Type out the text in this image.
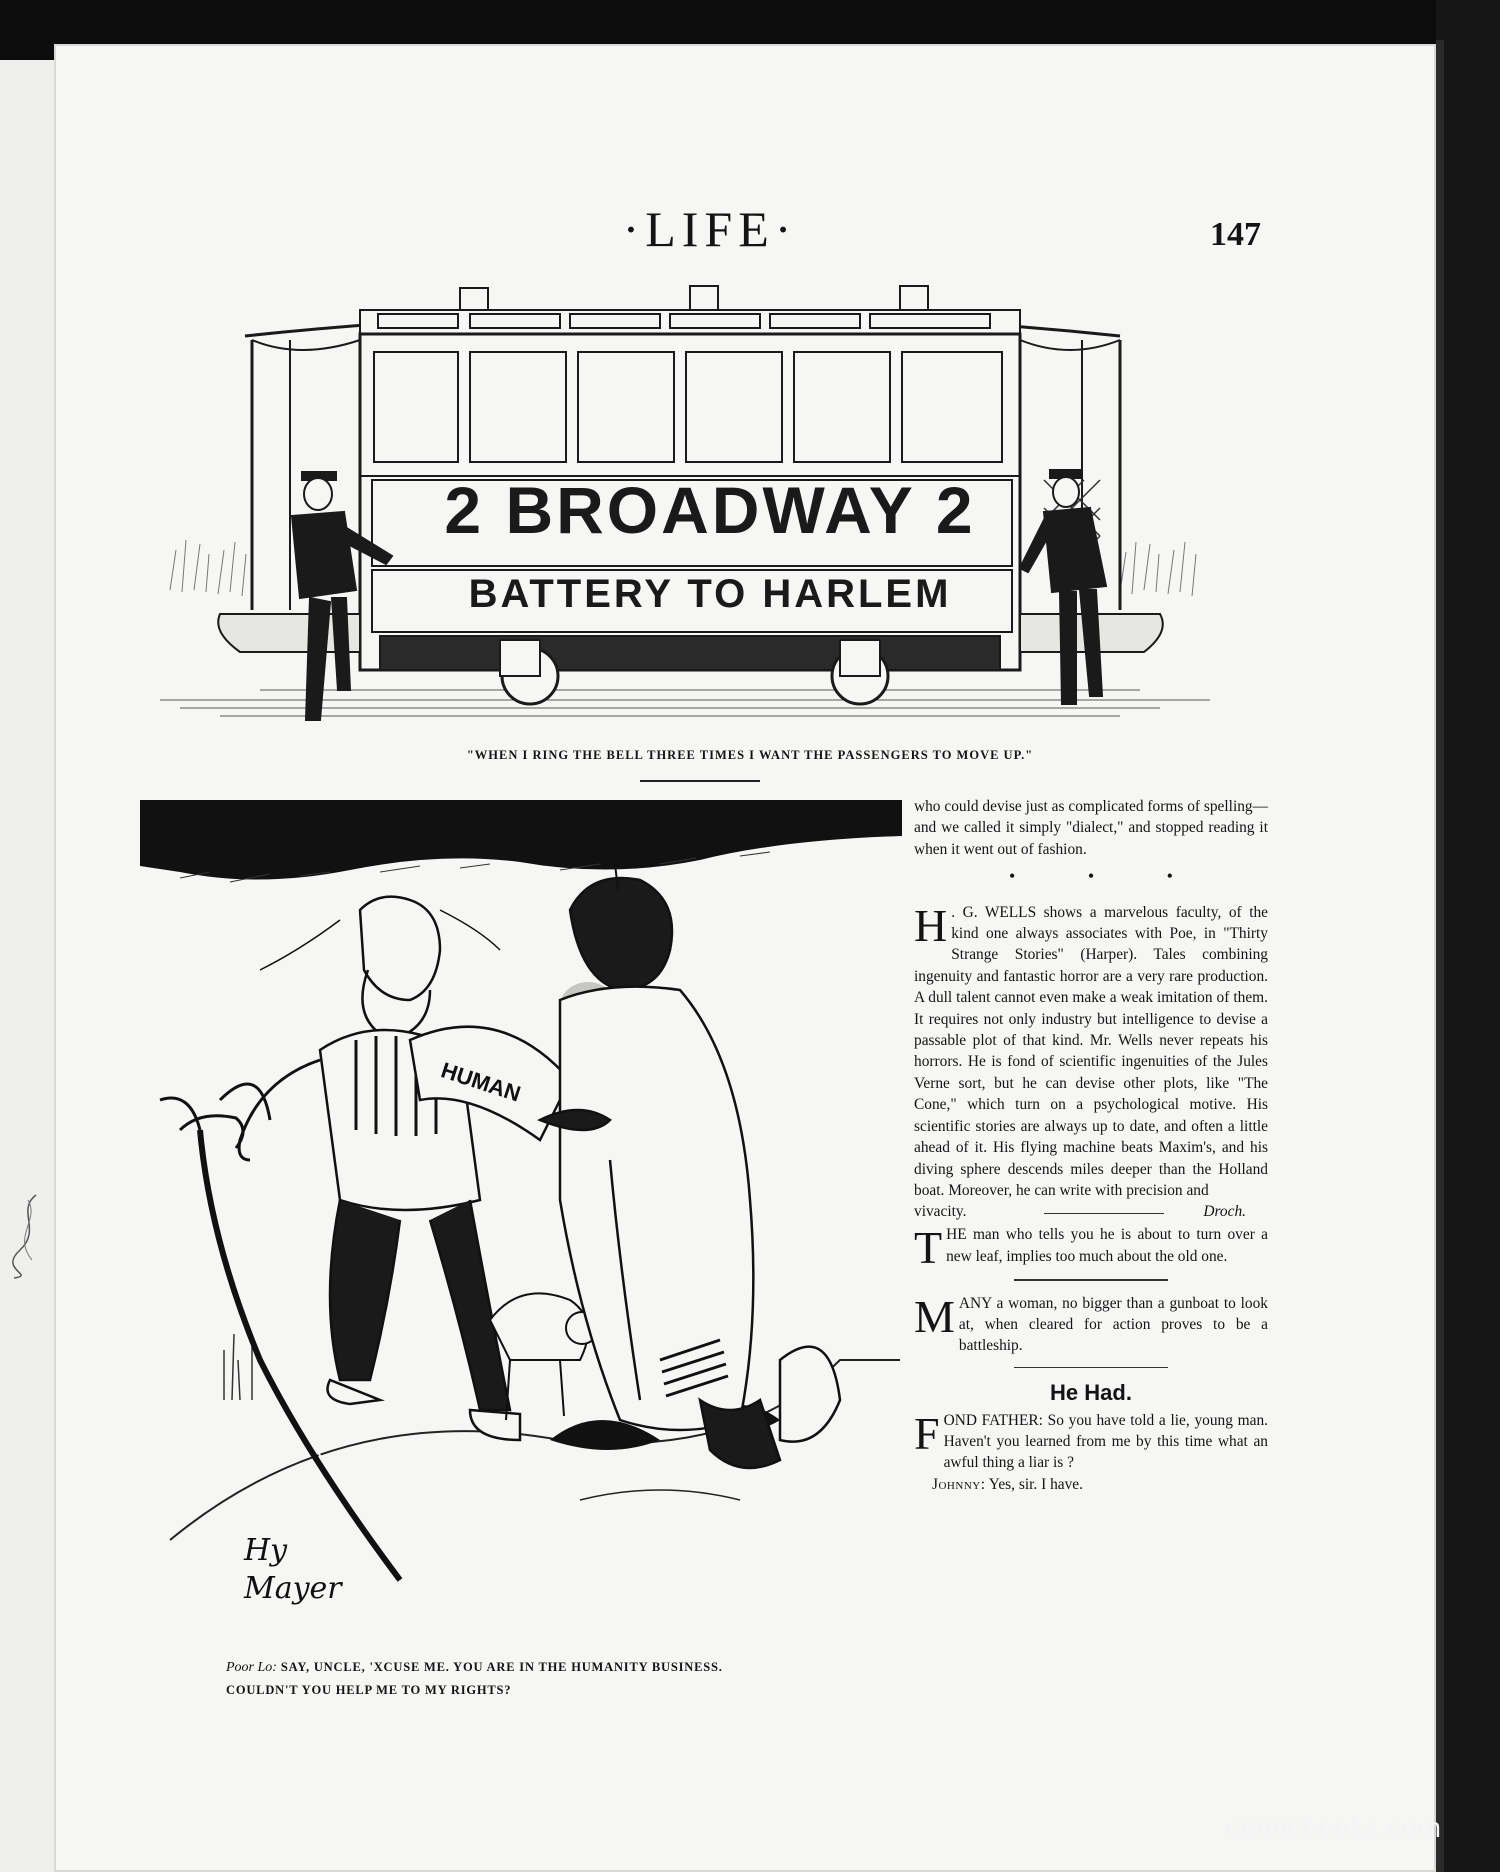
·LIFE·	147
2 BROADWAY 2
BATTERY TO HARLEM
"WHEN I RING THE BELL THREE TIMES I WANT THE PASSENGERS TO MOVE UP."
HUMAN
Hy
Mayer
Poor Lo: SAY, UNCLE, 'XCUSE ME. YOU ARE IN THE HUMANITY BUSINESS.
COULDN'T YOU HELP ME TO MY RIGHTS?

who could devise just as complicated forms of spelling—and we called it simply "dialect," and stopped reading it when it went out of fashion.

• • •

H . G. WELLS shows a marvelous faculty, of the kind one always associates with Poe, in "Thirty Strange Stories" (Harper). Tales combining ingenuity and fantastic horror are a very rare production. A dull talent cannot even make a weak imitation of them. It requires not only industry but intelligence to devise a passable plot of that kind. Mr. Wells never repeats his horrors. He is fond of scientific ingenuities of the Jules Verne sort, but he can devise other plots, like "The Cone," which turn on a psychological motive. His scientific stories are always up to date, and often a little ahead of it. His flying machine beats Maxim's, and his diving sphere descends miles deeper than the Holland boat. Moreover, he can write with precision and

vivacity.	Droch.

T HE man who tells you he is about to turn over a new leaf, implies too much about the old one.

M ANY a woman, no bigger than a gunboat to look at, when cleared for action proves to be a battleship.

He Had.

F OND FATHER: So you have told a lie, young man. Haven't you learned from me by this time what an awful thing a liar is ?

Johnny: Yes, sir. I have.

comicbooks.com
